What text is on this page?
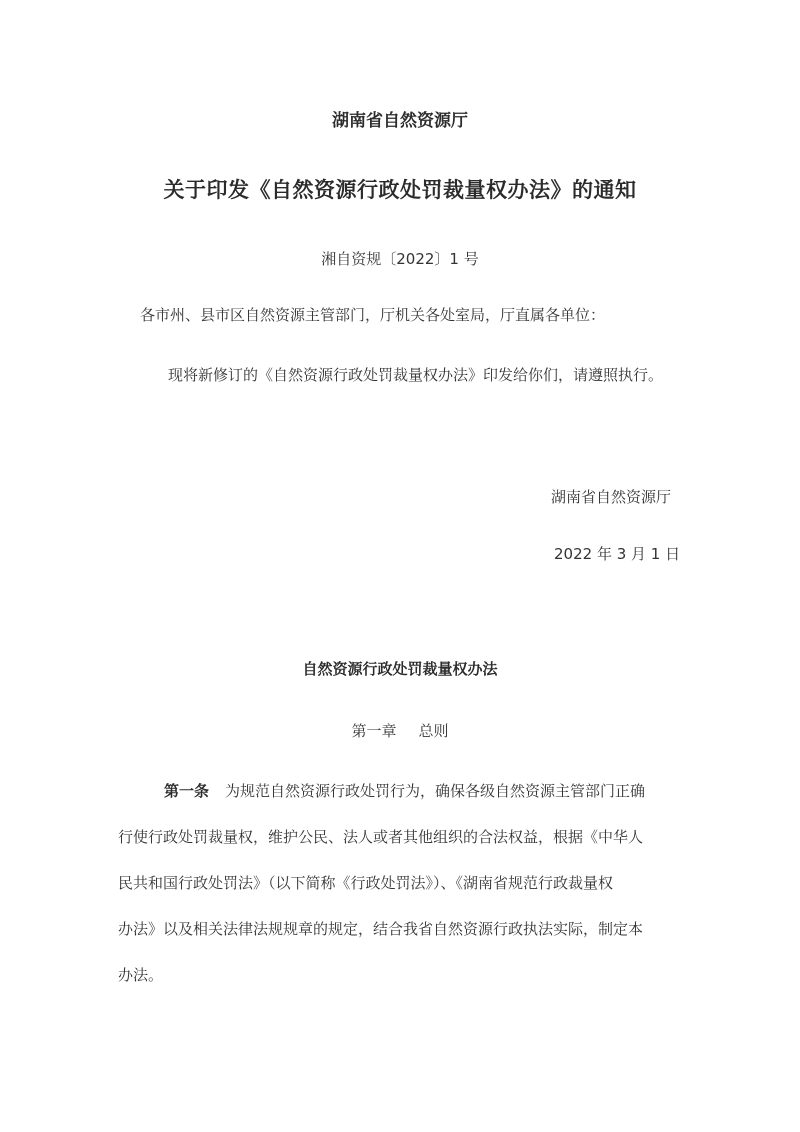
湖南省自然资源厅
关于印发《自然资源行政处罚裁量权办法》的通知
湘自资规〔2022〕1 号
各市州、县市区自然资源主管部门，厅机关各处室局，厅直属各单位：
现将新修订的《自然资源行政处罚裁量权办法》印发给你们，请遵照执行。
湖南省自然资源厅
2022 年 3 月 1 日
自然资源行政处罚裁量权办法
第一章 总则
第一条 为规范自然资源行政处罚行为，确保各级自然资源主管部门正确
行使行政处罚裁量权，维护公民、法人或者其他组织的合法权益，根据《中华人
民共和国行政处罚法》（以下简称《行政处罚法》）、《湖南省规范行政裁量权
办法》以及相关法律法规规章的规定，结合我省自然资源行政执法实际，制定本
办法。
